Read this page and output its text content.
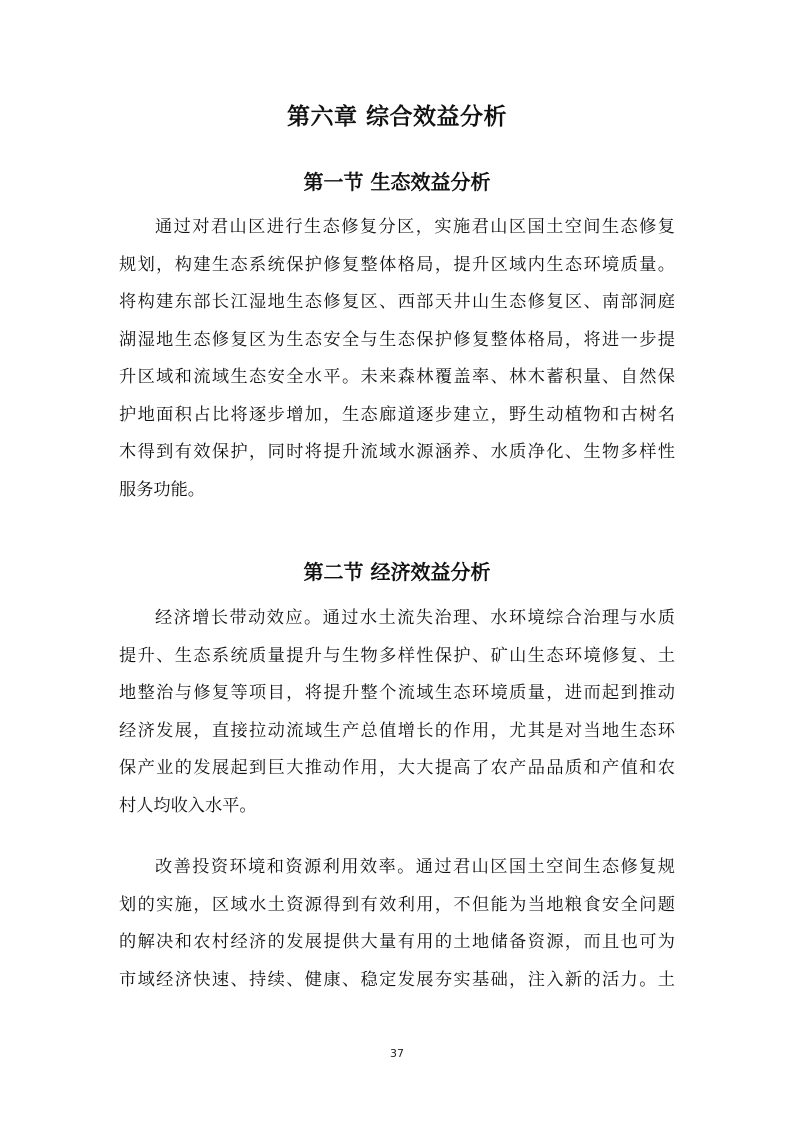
第六章 综合效益分析
第一节 生态效益分析
通过对君山区进行生态修复分区，实施君山区国土空间生态修复
规划，构建生态系统保护修复整体格局，提升区域内生态环境质量。
将构建东部长江湿地生态修复区、西部天井山生态修复区、南部洞庭
湖湿地生态修复区为生态安全与生态保护修复整体格局，将进一步提
升区域和流域生态安全水平。未来森林覆盖率、林木蓄积量、自然保
护地面积占比将逐步增加，生态廊道逐步建立，野生动植物和古树名
木得到有效保护，同时将提升流域水源涵养、水质净化、生物多样性
服务功能。
第二节 经济效益分析
经济增长带动效应。通过水土流失治理、水环境综合治理与水质
提升、生态系统质量提升与生物多样性保护、矿山生态环境修复、土
地整治与修复等项目，将提升整个流域生态环境质量，进而起到推动
经济发展，直接拉动流域生产总值增长的作用，尤其是对当地生态环
保产业的发展起到巨大推动作用，大大提高了农产品品质和产值和农
村人均收入水平。
改善投资环境和资源利用效率。通过君山区国土空间生态修复规
划的实施，区域水土资源得到有效利用，不但能为当地粮食安全问题
的解决和农村经济的发展提供大量有用的土地储备资源，而且也可为
市域经济快速、持续、健康、稳定发展夯实基础，注入新的活力。土
37
